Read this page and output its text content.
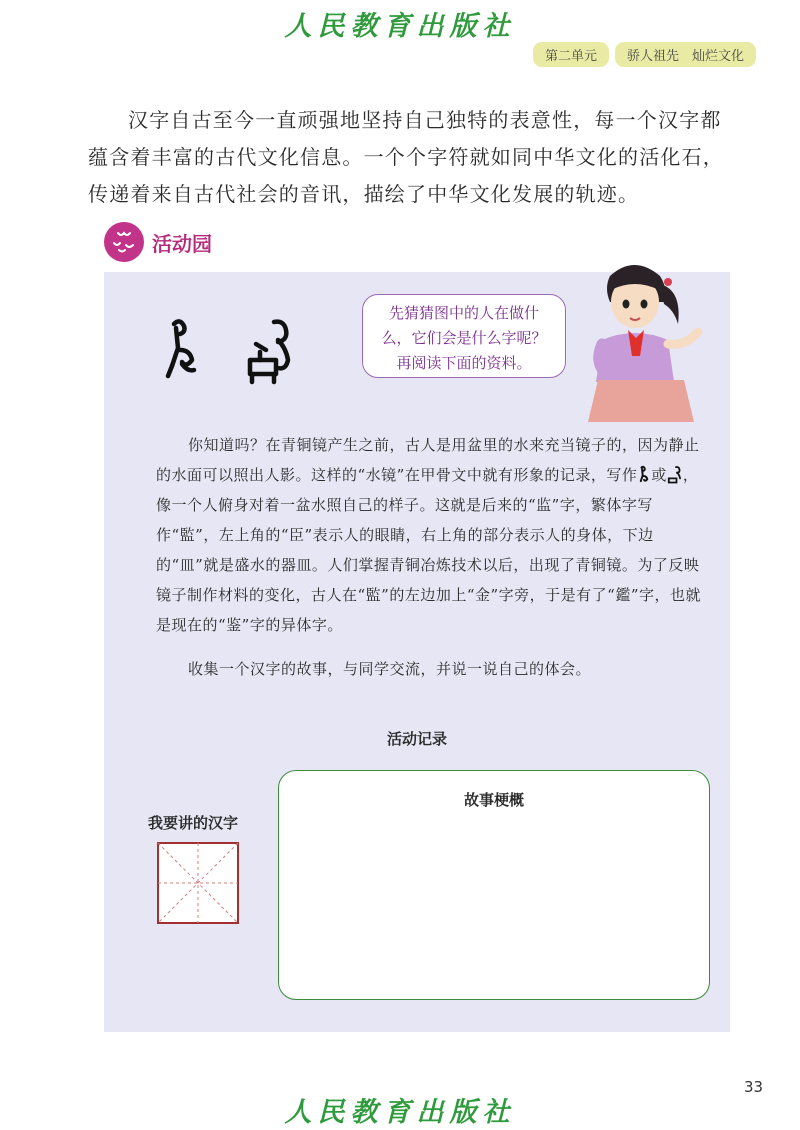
人民教育出版社
第二单元	骄人祖先　灿烂文化

汉字自古至今一直顽强地坚持自己独特的表意性，每一个汉字都蕴含着丰富的古代文化信息。一个个字符就如同中华文化的活化石，传递着来自古代社会的音讯，描绘了中华文化发展的轨迹。

活动园
先猜猜图中的人在做什么，它们会是什么字呢？再阅读下面的资料。

你知道吗？在青铜镜产生之前，古人是用盆里的水来充当镜子的，因为静止的水面可以照出人影。这样的“水镜”在甲骨文中就有形象的记录，写作 或 ，像一个人俯身对着一盆水照自己的样子。这就是后来的“监”字，繁体字写作“監”，左上角的“臣”表示人的眼睛，右上角的部分表示人的身体，下边的“皿”就是盛水的器皿。人们掌握青铜冶炼技术以后，出现了青铜镜。为了反映镜子制作材料的变化，古人在“監”的左边加上“金”字旁，于是有了“鑑”字，也就是现在的“鉴”字的异体字。

收集一个汉字的故事，与同学交流，并说一说自己的体会。

活动记录
我要讲的汉字
故事梗概
33
人民教育出版社
